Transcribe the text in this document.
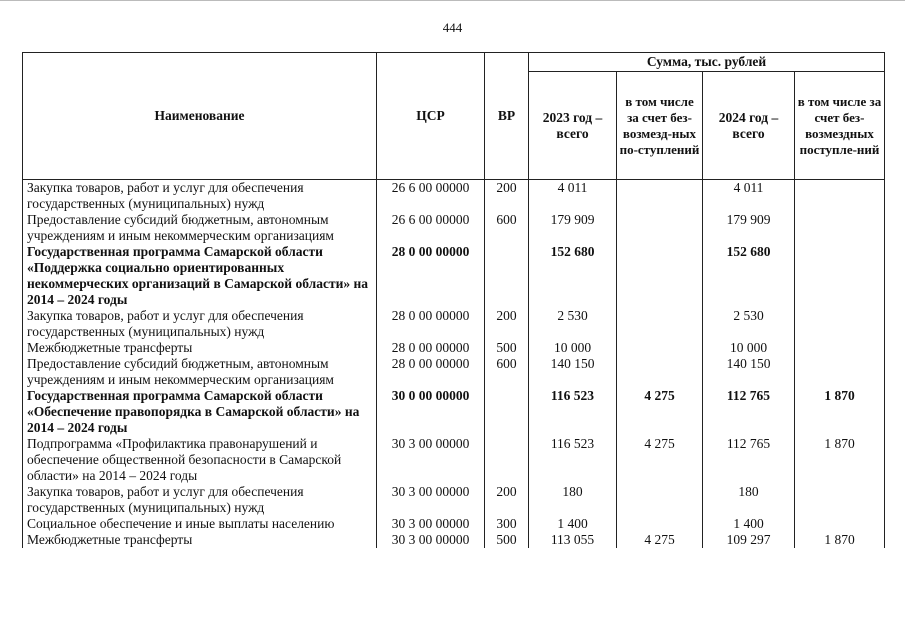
444
Наименование	ЦСР	ВР	Сумма, тыс. рублей			
			2023 год – всего	в том числе за счет без-возмезд-ных по-ступлений	2024 год – всего	в том числе за счет без-возмездных поступле-ний
Закупка товаров, работ и услуг для обеспечения государственных (муниципальных) нужд	26 6 00 00000	200	4 011		4 011	
Предоставление субсидий бюджетным, автономным учреждениям и иным некоммерческим организациям	26 6 00 00000	600	179 909		179 909	
Государственная программа Самарской области «Поддержка социально ориентированных некоммерческих организаций в Самарской области» на 2014 – 2024 годы	28 0 00 00000		152 680		152 680	
Закупка товаров, работ и услуг для обеспечения государственных (муниципальных) нужд	28 0 00 00000	200	2 530		2 530	
Межбюджетные трансферты	28 0 00 00000	500	10 000		10 000	
Предоставление субсидий бюджетным, автономным учреждениям и иным некоммерческим организациям	28 0 00 00000	600	140 150		140 150	
Государственная программа Самарской области «Обеспечение правопорядка в Самарской области» на 2014 – 2024 годы	30 0 00 00000		116 523	4 275	112 765	1 870
Подпрограмма «Профилактика правонарушений и обеспечение общественной безопасности в Самарской области» на 2014 – 2024 годы	30 3 00 00000		116 523	4 275	112 765	1 870
Закупка товаров, работ и услуг для обеспечения государственных (муниципальных) нужд	30 3 00 00000	200	180		180	
Социальное обеспечение и иные выплаты населению	30 3 00 00000	300	1 400		1 400	
Межбюджетные трансферты	30 3 00 00000	500	113 055	4 275	109 297	1 870
